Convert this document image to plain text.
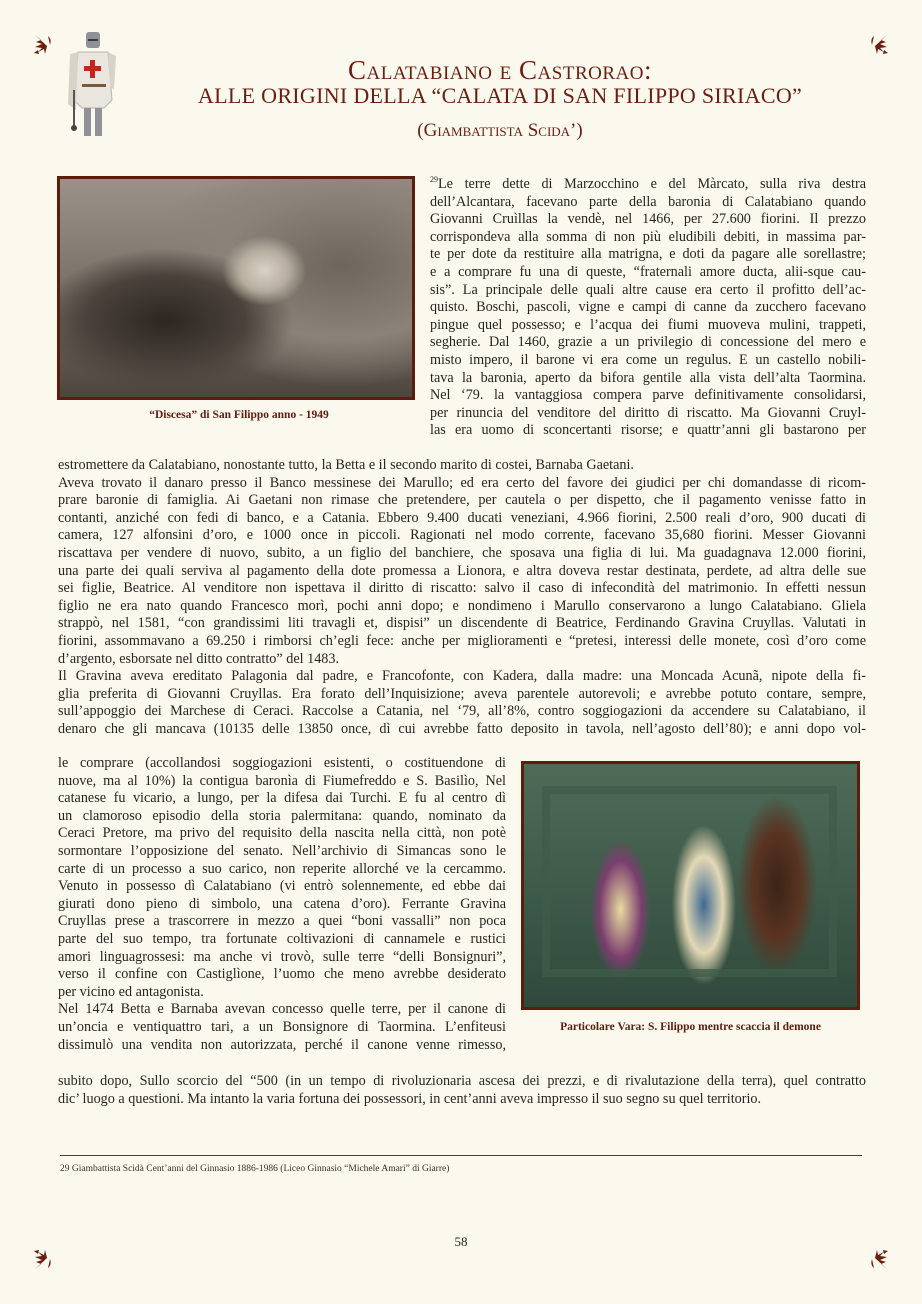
Calatabiano e Castrorao:
ALLE ORIGINI DELLA “CALATA DI SAN FILIPPO SIRIACO”
(Giambattista Scida’)
“Discesa” di San Filippo anno - 1949
$^{29}$Le terre dette di Marzocchino e del Màrcato, sulla riva destra
dell’Alcantara, facevano parte della baronia di Calatabiano quando
Giovanni Cruìllas la vendè, nel 1466, per 27.600 fiorini. Il prezzo
corrispondeva alla somma di non più eludibili debiti, in massima par-
te per dote da restituire alla matrigna, e doti da pagare alle sorellastre;
e a comprare fu una di queste, “fraternali amore ducta, alii-sque cau-
sis”. La principale delle quali altre cause era certo il profitto dell’ac-
quisto. Boschi, pascoli, vigne e campi di canne da zucchero facevano
pingue quel possesso; e l’acqua dei fiumi muoveva mulini, trappeti,
segherie. Dal 1460, grazie a un privilegio di concessione del mero e
misto impero, il barone vi era come un regulus. E un castello nobili-
tava la baronia, aperto da bifora gentile alla vista dell’alta Taormina.
Nel ‘79. la vantaggiosa compera parve definitivamente consolidarsi,
per rinuncia del venditore del diritto di riscatto. Ma Giovanni Cruyl-
las era uomo di sconcertanti risorse; e quattr’anni gli bastarono per
estromettere da Calatabiano, nonostante tutto, la Betta e il secondo marito di costei, Barnaba Gaetani.
Aveva trovato il danaro presso il Banco messinese dei Marullo; ed era certo del favore dei giudici per chi domandasse di ricom-
prare baronie di famiglia. Ai Gaetani non rimase che pretendere, per cautela o per dispetto, che il pagamento venisse fatto in
contanti, anziché con fedi di banco, e a Catania. Ebbero 9.400 ducati veneziani, 4.966 fiorini, 2.500 reali d’oro, 900 ducati di
camera, 127 alfonsini d’oro, e 1000 once in piccoli. Ragionati nel modo corrente, facevano 35,680 fiorini. Messer Giovanni
riscattava per vendere di nuovo, subito, a un figlio del banchiere, che sposava una figlia di lui. Ma guadagnava 12.000 fiorini,
una parte dei quali serviva al pagamento della dote promessa a Lionora, e altra doveva restar destinata, perdete, ad altra delle sue
sei figlie, Beatrice. Al venditore non ispettava il diritto di riscatto: salvo il caso di infecondità del matrimonio. In effetti nessun
figlio ne era nato quando Francesco morì, pochi anni dopo; e nondimeno i Marullo conservarono a lungo Calatabiano. Gliela
strappò, nel 1581, “con grandissimi liti travagli et, dispisi” un discendente di Beatrice, Ferdinando Gravina Cruyllas. Valutati in
fiorini, assommavano a 69.250 i rimborsi ch’egli fece: anche per miglioramenti e “pretesi, interessi delle monete, così d’oro come
d’argento, esborsate nel ditto contratto” del 1483.
Il Gravina aveva ereditato Palagonia dal padre, e Francofonte, con Kadera, dalla madre: una Moncada Acunã, nipote della fi-
glia preferita di Giovanni Cruyllas. Era forato dell’Inquisizione; aveva parentele autorevoli; e avrebbe potuto contare, sempre,
sull’appoggio dei Marchese di Ceraci. Raccolse a Catania, nel ‘79, all’8%, contro soggiogazioni da accendere su Calatabiano, il
denaro che gli mancava (10135 delle 13850 once, dì cui avrebbe fatto deposito in tavola, nell’agosto dell’80); e anni dopo vol-
le comprare (accollandosi soggiogazioni esistenti, o costituendone di
nuove, ma al 10%) la contigua baronìa di Fiumefreddo e S. Basilìo, Nel
catanese fu vicario, a lungo, per la difesa dai Turchi. E fu al centro dì
un clamoroso episodio della storia palermitana: quando, nominato da
Ceraci Pretore, ma privo del requisito della nascita nella città, non potè
sormontare l’opposizione del senato. Nell’archivio di Simancas sono le
carte di un processo a suo carico, non reperite allorché ve la cercammo.
Venuto in possesso dì Calatabiano (vi entrò solennemente, ed ebbe dai
giurati dono pieno di simbolo, una catena d’oro). Ferrante Gravina
Cruyllas prese a trascorrere in mezzo a quei “boni vassalli” non poca
parte del suo tempo, tra fortunate coltivazioni di cannamele e rustici
amori linguagrossesi: ma anche vi trovò, sulle terre “delli Bonsignuri”,
verso il confine con Castiglìone, l’uomo che meno avrebbe desiderato
per vicino ed antagonista.
Nel 1474 Betta e Barnaba avevan concesso quelle terre, per il canone di
un’oncia e ventiquattro tari, a un Bonsignore di Taormina. L’enfiteusi
dissimulò una vendita non autorizzata, perché il canone venne rimesso,
Particolare Vara: S. Filippo mentre scaccia il demone
subito dopo, Sullo scorcio del “500 (in un tempo di rivoluzionaria ascesa dei prezzi, e di rivalutazione della terra), quel contratto
dic’ luogo a questioni. Ma intanto la varia fortuna dei possessori, in cent’anni aveva impresso il suo segno su quel territorio.
29 Giambattista Scidà Cent’anni del Ginnasio 1886-1986 (Liceo Ginnasio “Michele Amari” di Giarre)
58
